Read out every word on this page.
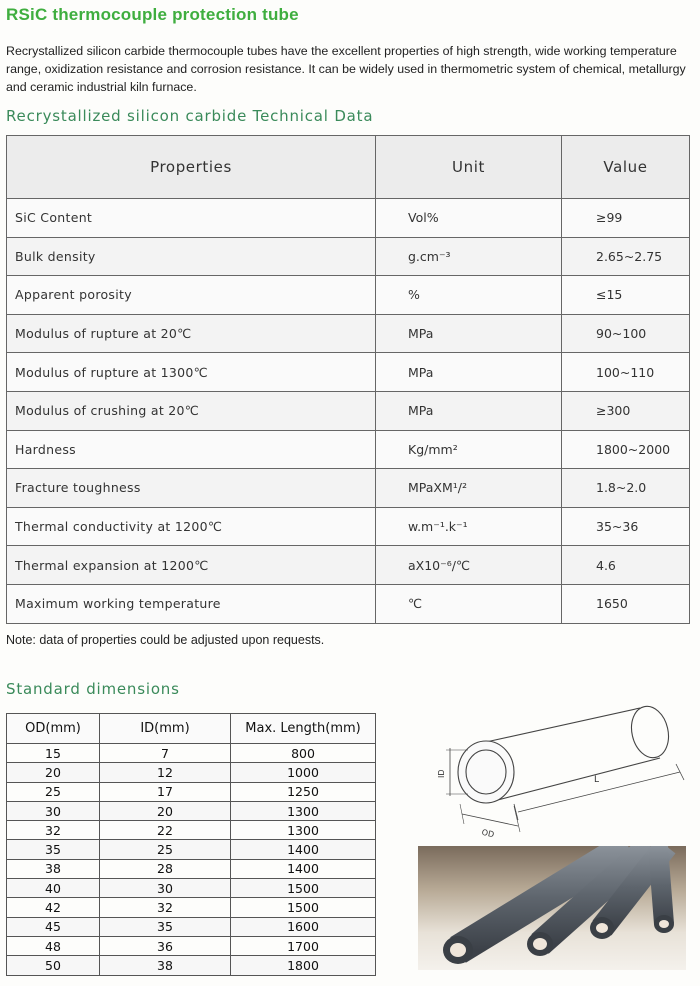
RSiC thermocouple protection tube
Recrystallized silicon carbide thermocouple tubes have the excellent properties of high strength, wide working temperature range, oxidization resistance and corrosion resistance. It can be widely used in thermometric system of chemical, metallurgy and ceramic industrial kiln furnace.
Recrystallized silicon carbide Technical Data
Properties	Unit	Value
SiC Content	Vol%	≥99
Bulk density	g.cm⁻³	2.65~2.75
Apparent porosity	%	≤15
Modulus of rupture at 20℃	MPa	90~100
Modulus of rupture at 1300℃	MPa	100~110
Modulus of crushing at 20℃	MPa	≥300
Hardness	Kg/mm²	1800~2000
Fracture toughness	MPaXM¹/²	1.8~2.0
Thermal conductivity at 1200℃	w.m⁻¹.k⁻¹	35~36
Thermal expansion at 1200℃	aX10⁻⁶/℃	4.6
Maximum working temperature	℃	1650
Note: data of properties could be adjusted upon requests.
Standard dimensions
OD(mm)	ID(mm)	Max. Length(mm)
15	7	800
20	12	1000
25	17	1250
30	20	1300
32	22	1300
35	25	1400
38	28	1400
40	30	1500
42	32	1500
45	35	1600
48	36	1700
50	38	1800
L
ID
OD
